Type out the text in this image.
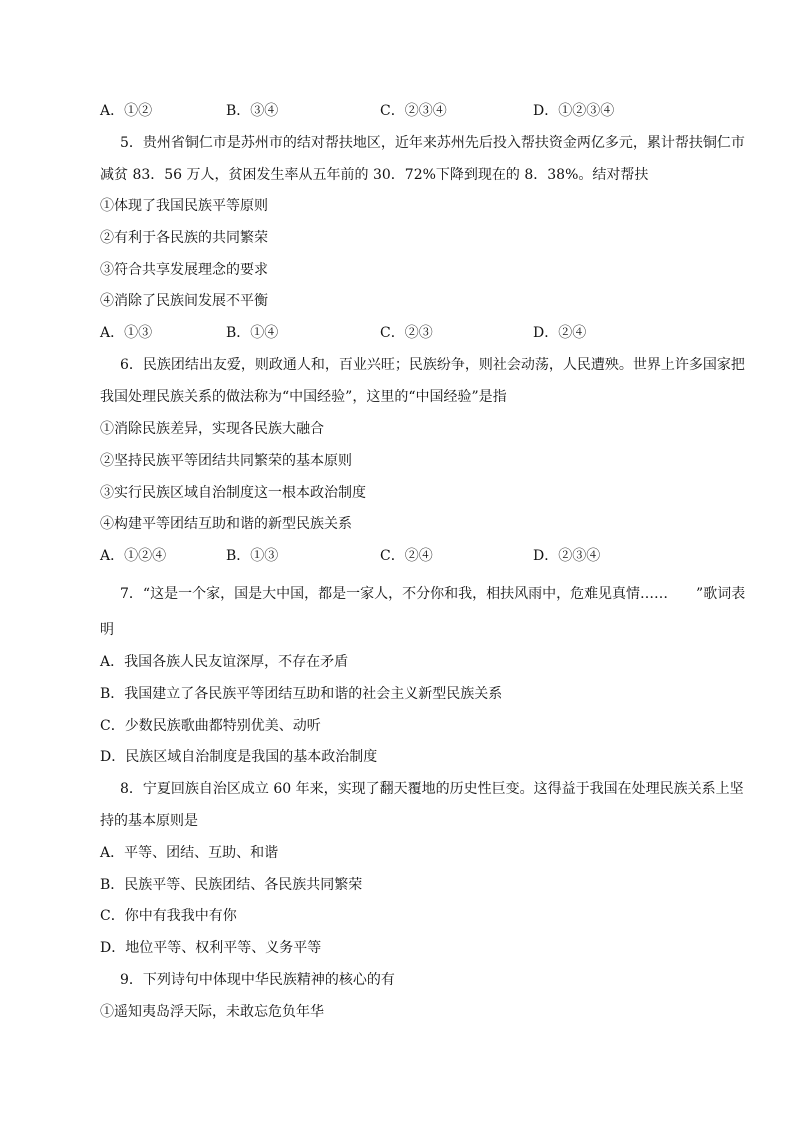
A．①②	B．③④	C．②③④	D．①②③④
5．贵州省铜仁市是苏州市的结对帮扶地区，近年来苏州先后投入帮扶资金两亿多元，累计帮扶铜仁市
减贫 83．56 万人，贫困发生率从五年前的 30．72%下降到现在的 8．38%。结对帮扶
①体现了我国民族平等原则
②有利于各民族的共同繁荣
③符合共享发展理念的要求
④消除了民族间发展不平衡
A．①③	B．①④	C．②③	D．②④
6．民族团结出友爱，则政通人和，百业兴旺；民族纷争，则社会动荡，人民遭殃。世界上许多国家把
我国处理民族关系的做法称为“中国经验”，这里的“中国经验”是指
①消除民族差异，实现各民族大融合
②坚持民族平等团结共同繁荣的基本原则
③实行民族区域自治制度这一根本政治制度
④构建平等团结互助和谐的新型民族关系
A．①②④	B．①③	C．②④	D．②③④
7．“这是一个家，国是大中国，都是一家人，不分你和我，相扶风雨中，危难见真情……　　”歌词表
明
A．我国各族人民友谊深厚，不存在矛盾
B．我国建立了各民族平等团结互助和谐的社会主义新型民族关系
C．少数民族歌曲都特别优美、动听
D．民族区域自治制度是我国的基本政治制度
8．宁夏回族自治区成立 60 年来，实现了翻天覆地的历史性巨变。这得益于我国在处理民族关系上坚
持的基本原则是
A．平等、团结、互助、和谐
B．民族平等、民族团结、各民族共同繁荣
C．你中有我我中有你
D．地位平等、权利平等、义务平等
9．下列诗句中体现中华民族精神的核心的有
①遥知夷岛浮天际，未敢忘危负年华
